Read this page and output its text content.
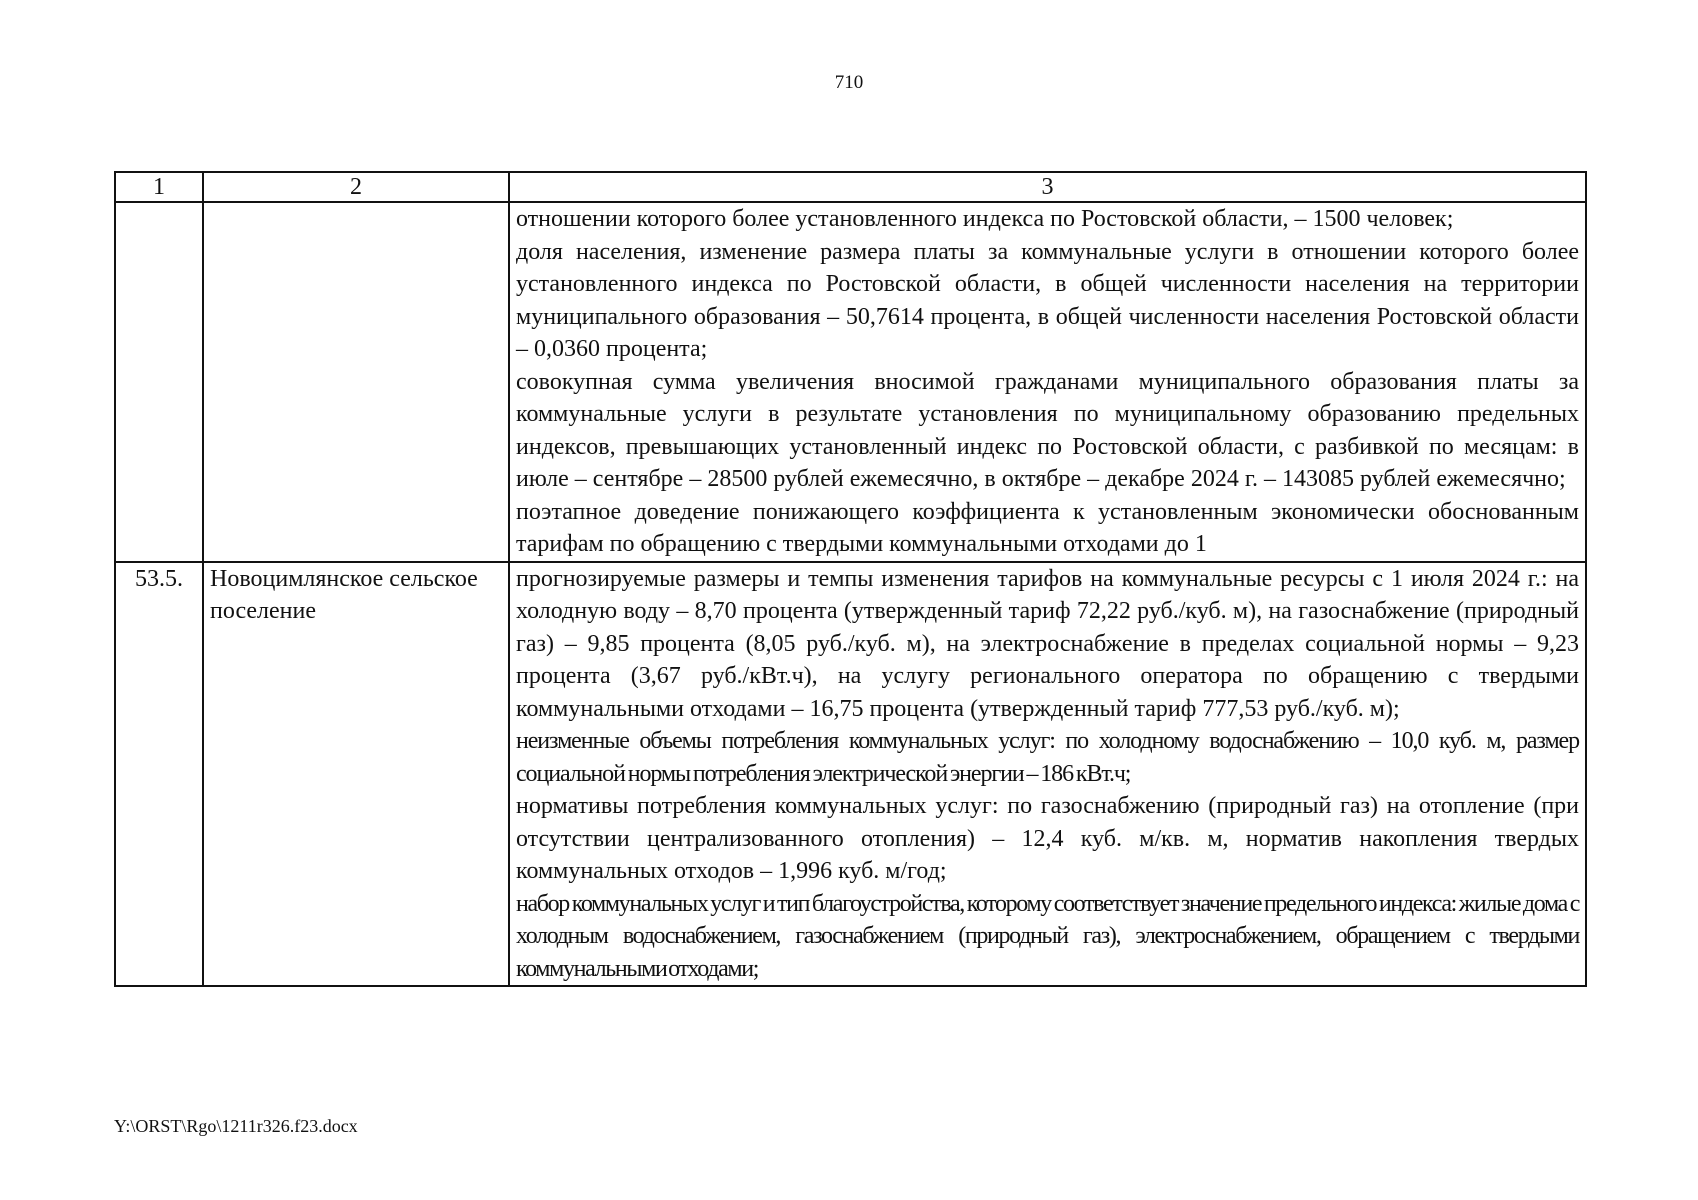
710
1	2	3

		отношении которого более установленного индекса по Ростовской области, – 1500 человек;

доля населения, изменение размера платы за коммунальные услуги в отношении которого более установленного индекса по Ростовской области, в общей численности населения на территории муниципального образования – 50,7614 процента, в общей численности населения Ростовской области – 0,0360 процента;

совокупная сумма увеличения вносимой гражданами муниципального образования платы за коммунальные услуги в результате установления по муниципальному образованию предельных индексов, превышающих установленный индекс по Ростовской области, с разбивкой по месяцам: в июле – сентябре – 28500 рублей ежемесячно, в октябре – декабре 2024 г. – 143085 рублей ежемесячно;

поэтапное доведение понижающего коэффициента к установленным экономически обоснованным тарифам по обращению с твердыми коммунальными отходами до 1

53.5.	Новоцимлянское сельское поселение	прогнозируемые размеры и темпы изменения тарифов на коммунальные ресурсы с 1 июля 2024 г.: на холодную воду – 8,70 процента (утвержденный тариф 72,22 руб./куб. м), на газоснабжение (природный газ) – 9,85 процента (8,05 руб./куб. м), на электроснабжение в пределах социальной нормы – 9,23 процента (3,67 руб./кВт.ч), на услугу регионального оператора по обращению с твердыми коммунальными отходами – 16,75 процента (утвержденный тариф 777,53 руб./куб. м);

неизменные объемы потребления коммунальных услуг: по холодному водоснабжению – 10,0 куб. м, размер социальной нормы потребления электрической энергии – 186 кВт.ч;

нормативы потребления коммунальных услуг: по газоснабжению (природный газ) на отопление (при отсутствии централизованного отопления) – 12,4 куб. м/кв. м, норматив накопления твердых коммунальных отходов – 1,996 куб. м/год;

набор коммунальных услуг и тип благоустройства, которому соответствует значение предельного индекса: жилые дома с холодным водоснабжением, газоснабжением (природный газ), электроснабжением, обращением с твердыми коммунальными отходами;

Y:\ORST\Rgo\1211r326.f23.docx
